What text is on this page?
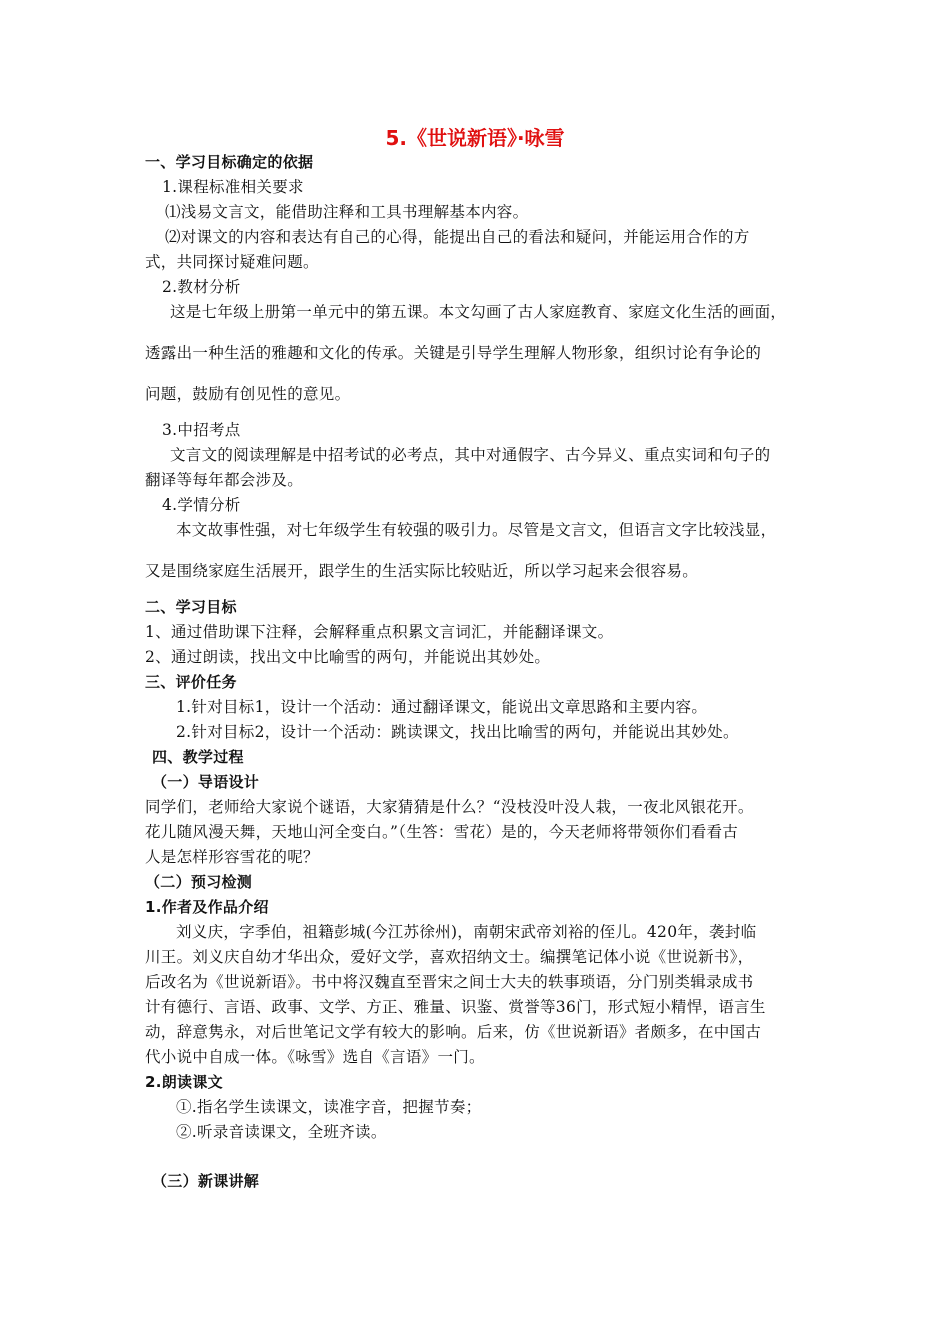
5.《世说新语》·咏雪
一、学习目标确定的依据
1.课程标准相关要求
⑴浅易文言文，能借助注释和工具书理解基本内容。
⑵对课文的内容和表达有自己的心得，能提出自己的看法和疑问，并能运用合作的方
式，共同探讨疑难问题。
2.教材分析
这是七年级上册第一单元中的第五课。本文勾画了古人家庭教育、家庭文化生活的画面，
透露出一种生活的雅趣和文化的传承。关键是引导学生理解人物形象，组织讨论有争论的
问题，鼓励有创见性的意见。
3.中招考点
文言文的阅读理解是中招考试的必考点，其中对通假字、古今异义、重点实词和句子的
翻译等每年都会涉及。
4.学情分析
本文故事性强，对七年级学生有较强的吸引力。尽管是文言文，但语言文字比较浅显，
又是围绕家庭生活展开，跟学生的生活实际比较贴近，所以学习起来会很容易。
二、学习目标
1、通过借助课下注释，会解释重点积累文言词汇，并能翻译课文。
2、通过朗读，找出文中比喻雪的两句，并能说出其妙处。
三、评价任务
1.针对目标1，设计一个活动：通过翻译课文，能说出文章思路和主要内容。
2.针对目标2，设计一个活动：跳读课文，找出比喻雪的两句，并能说出其妙处。
四、教学过程
（一）导语设计
同学们，老师给大家说个谜语，大家猜猜是什么？“没枝没叶没人栽，一夜北风银花开。
花儿随风漫天舞，天地山河全变白。”（生答：雪花）是的，今天老师将带领你们看看古
人是怎样形容雪花的呢？
（二）预习检测
1.作者及作品介绍
刘义庆，字季伯，祖籍彭城(今江苏徐州)，南朝宋武帝刘裕的侄儿。420年，袭封临
川王。刘义庆自幼才华出众，爱好文学，喜欢招纳文士。编撰笔记体小说《世说新书》，
后改名为《世说新语》。书中将汉魏直至晋宋之间士大夫的轶事琐语，分门别类辑录成书
计有德行、言语、政事、文学、方正、雅量、识鉴、赏誉等36门，形式短小精悍，语言生
动，辞意隽永，对后世笔记文学有较大的影响。后来，仿《世说新语》者颇多，在中国古
代小说中自成一体。《咏雪》选自《言语》一门。
2.朗读课文
①.指名学生读课文，读准字音，把握节奏；
②.听录音读课文，全班齐读。
（三）新课讲解
